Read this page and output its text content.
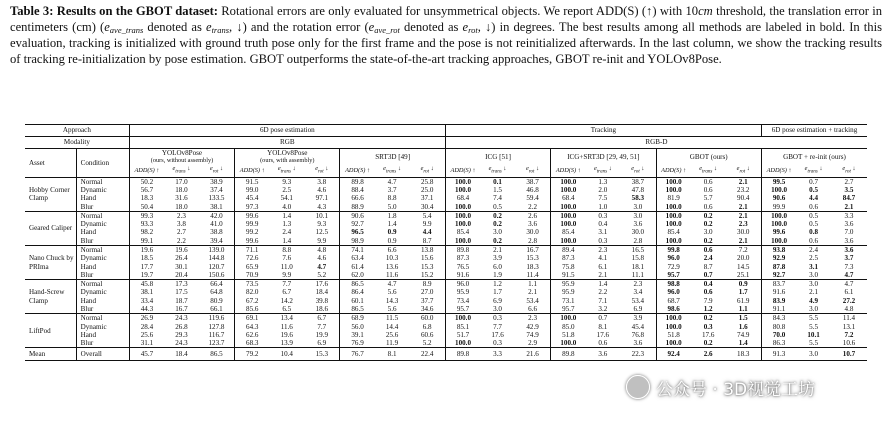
Table 3: Results on the GBOT dataset: Rotational errors are only evaluated for unsymmetrical objects. We report ADD(S) (↑) with 10cm threshold, the translation error in centimeters (cm) ($e_{ave\_trans}$ denoted as $e_{trans}$, ↓) and the rotation error ($e_{ave\_rot}$ denoted as $e_{rot}$, ↓) in degrees. The best results among all methods are labeled in bold. In this evaluation, tracking is initialized with ground truth pose only for the first frame and the pose is not reinitialized afterwards. In the last column, we show the tracking results of tracking re-initialization by pose estimation. GBOT outperforms the state-of-the-art tracking approaches, GBOT re-init and YOLOv8Pose.
Approach		6D pose estimation									Tracking									6D pose estimation + tracking		
Modality		RGB									RGB-D											
Asset	Condition	YOLOv8Pose			YOLOv8Pose			SRT3D [49]			ICG [51]			ICG+SRT3D [29, 49, 51]			GBOT (ours)			GBOT + re-init (ours)		
		(ours, without assembly)			(ours, with assembly)																	
		ADD(S) ↑	$e_{trans}$ ↓	$e_{rot}$ ↓	ADD(S) ↑	$e_{trans}$ ↓	$e_{rot}$ ↓	ADD(S) ↑	$e_{trans}$ ↓	$e_{rot}$ ↓	ADD(S) ↑	$e_{trans}$ ↓	$e_{rot}$ ↓	ADD(S) ↑	$e_{trans}$ ↓	$e_{rot}$ ↓	ADD(S) ↑	$e_{trans}$ ↓	$e_{rot}$ ↓	ADD(S) ↑	$e_{trans}$ ↓	$e_{rot}$ ↓
Hobby Corner Clamp	Normal	50.2	17.0	38.9	91.5	9.3	3.8	89.8	4.7	25.8	100.0	0.1	38.7	100.0	1.3	38.7	100.0	0.6	2.1	99.5	0.7	2.7
	Dynamic	56.7	18.0	37.4	99.0	2.5	4.6	88.4	3.7	25.0	100.0	1.5	46.8	100.0	2.0	47.8	100.0	0.6	23.2	100.0	0.5	3.5
	Hand	18.3	31.6	133.5	45.4	54.1	97.1	66.6	8.8	37.1	68.4	7.4	59.4	68.4	7.5	58.3	81.9	5.7	90.4	90.6	4.4	84.7
	Blur	50.4	18.0	38.1	97.3	4.0	4.3	88.9	5.0	30.4	100.0	0.5	2.2	100.0	1.0	3.0	100.0	0.6	2.1	99.9	0.6	2.1
Geared Caliper	Normal	99.3	2.3	42.0	99.6	1.4	10.1	90.6	1.8	5.4	100.0	0.2	2.6	100.0	0.3	3.0	100.0	0.2	2.1	100.0	0.5	3.3
	Dynamic	93.3	3.8	41.0	99.9	1.3	9.3	92.7	1.4	9.9	100.0	0.2	3.6	100.0	0.4	3.6	100.0	0.2	2.3	100.0	0.5	3.6
	Hand	98.2	2.7	38.8	99.2	2.4	12.5	96.5	0.9	4.4	85.4	3.0	30.0	85.4	3.1	30.0	85.4	3.0	30.0	99.6	0.8	7.0
	Blur	99.1	2.2	39.4	99.6	1.4	9.9	98.9	0.9	8.7	100.0	0.2	2.8	100.0	0.3	2.8	100.0	0.2	2.1	100.0	0.6	3.6
Nano Chuck by PRIma	Normal	19.6	19.6	139.0	71.1	8.8	4.8	74.1	6.6	13.8	89.8	2.1	16.7	89.4	2.3	16.5	99.8	0.6	7.2	93.8	2.4	3.6
	Dynamic	18.5	26.4	144.8	72.6	7.6	4.6	63.4	10.3	15.6	87.3	3.9	15.3	87.3	4.1	15.8	96.0	2.4	20.0	92.9	2.5	3.7
	Hand	17.7	30.1	120.7	65.9	11.0	4.7	61.4	13.6	15.3	76.5	6.0	18.3	75.8	6.1	18.1	72.9	8.7	14.5	87.8	3.1	7.3
	Blur	19.7	20.4	150.6	70.9	9.9	5.2	62.0	11.6	15.2	91.6	1.9	11.4	91.5	2.1	11.1	95.7	0.7	25.1	92.7	3.0	4.7
Hand-Screw Clamp	Normal	45.8	17.3	66.4	73.5	7.7	17.6	86.5	4.7	8.9	96.0	1.2	1.1	95.9	1.4	2.3	98.8	0.4	0.9	83.7	3.0	4.7
	Dynamic	38.1	17.5	64.8	82.0	6.7	18.4	86.4	5.6	27.0	95.9	1.7	2.1	95.9	2.2	3.4	96.0	0.6	1.7	91.6	2.1	6.1
	Hand	33.4	18.7	80.9	67.2	14.2	39.8	60.1	14.3	37.7	73.4	6.9	53.4	73.1	7.1	53.4	68.7	7.9	61.9	83.9	4.9	27.2
	Blur	44.3	16.7	66.1	85.6	6.5	18.6	86.5	5.6	34.6	95.7	3.0	6.6	95.7	3.2	6.9	98.6	1.2	1.1	91.1	3.0	4.8
LiftPod	Normal	26.9	24.3	119.6	69.1	13.4	6.7	68.9	11.5	60.0	100.0	0.3	2.3	100.0	0.7	3.9	100.0	0.2	1.5	84.3	5.5	11.4
	Dynamic	28.4	26.8	127.8	64.3	11.6	7.7	56.0	14.4	6.8	85.1	7.7	42.9	85.0	8.1	45.4	100.0	0.3	1.6	80.8	5.5	13.1
	Hand	25.6	29.3	116.7	62.6	19.6	19.9	39.1	25.6	60.6	51.7	17.6	74.9	51.8	17.6	76.8	51.8	17.6	74.9	70.0	10.1	7.2
	Blur	31.1	24.3	123.7	68.3	13.9	6.9	76.9	11.9	5.2	100.0	0.3	2.9	100.0	0.6	3.6	100.0	0.2	1.4	86.3	5.5	10.6
Mean	Overall	45.7	18.4	86.5	79.2	10.4	15.3	76.7	8.1	22.4	89.8	3.3	21.6	89.8	3.6	22.3	92.4	2.6	18.3	91.3	3.0	10.7
公众号 · 3D视觉工坊
